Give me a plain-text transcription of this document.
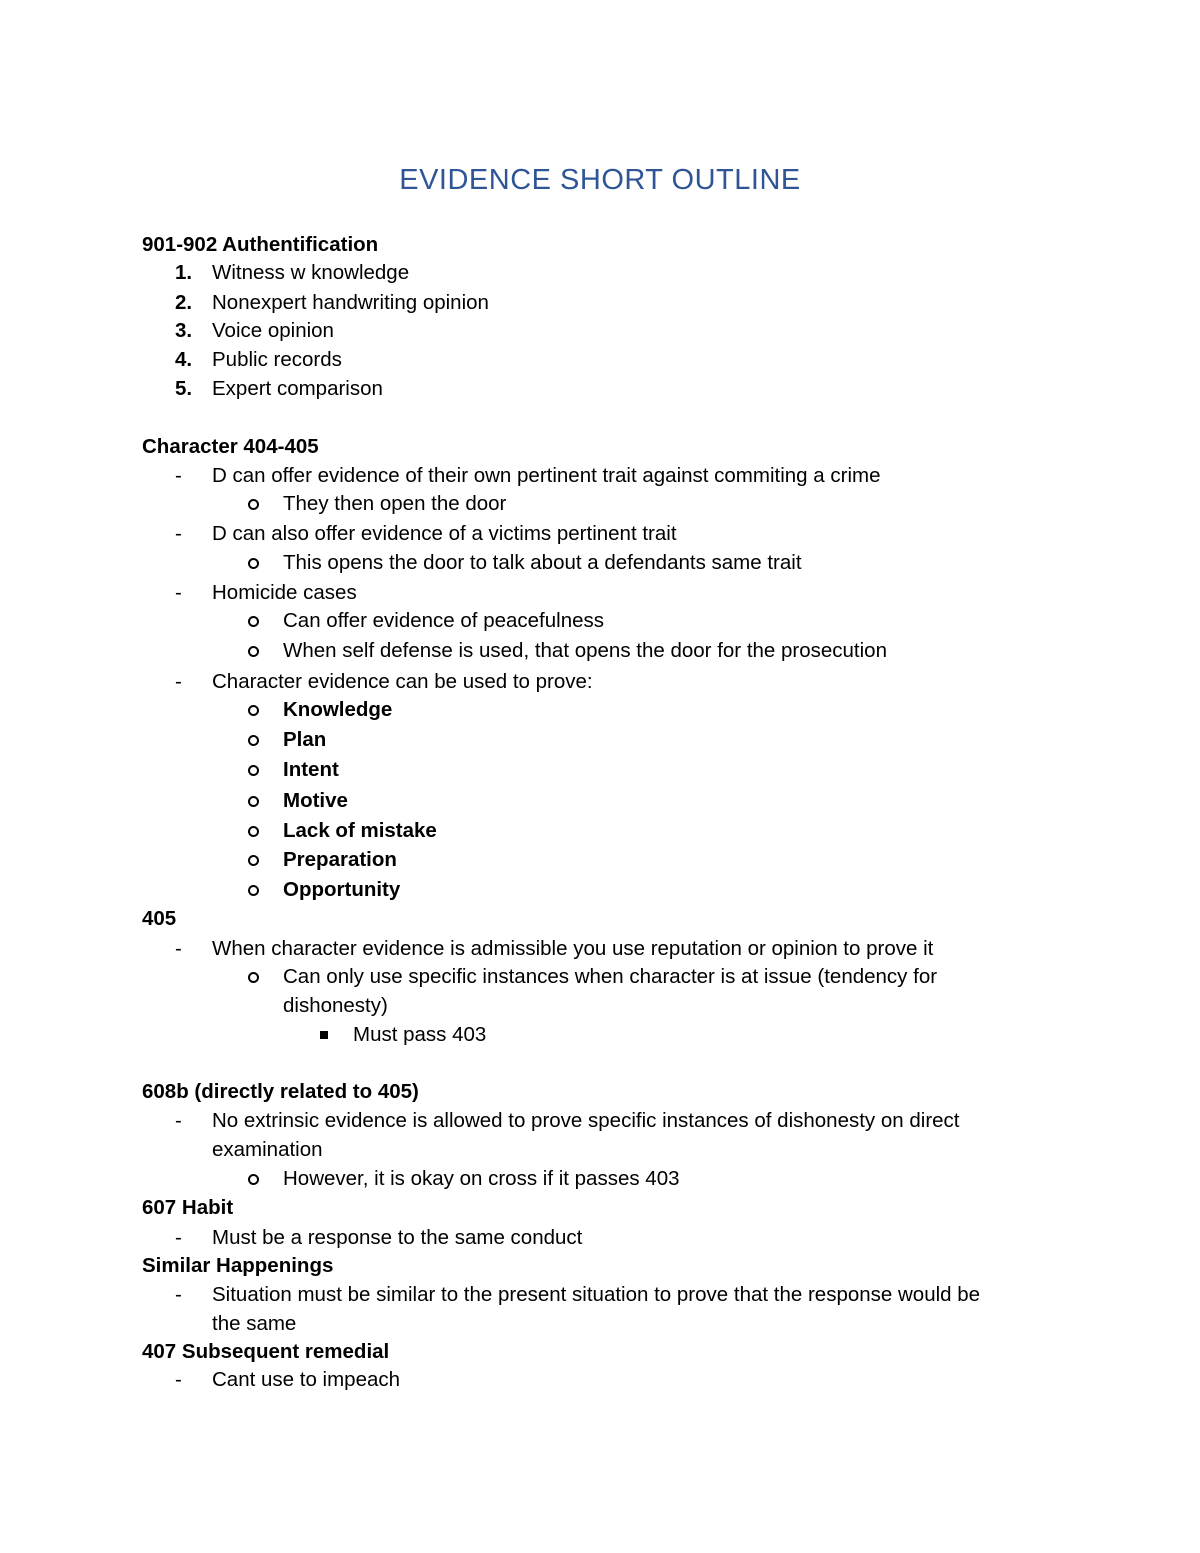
EVIDENCE SHORT OUTLINE
901-902 Authentification
1. Witness w knowledge
2. Nonexpert handwriting opinion
3. Voice opinion
4. Public records
5. Expert comparison
Character 404-405
- D can offer evidence of their own pertinent trait against commiting a crime
They then open the door
- D can also offer evidence of a victims pertinent trait
This opens the door to talk about a defendants same trait
- Homicide cases
Can offer evidence of peacefulness
When self defense is used, that opens the door for the prosecution
- Character evidence can be used to prove:
Knowledge
Plan
Intent
Motive
Lack of mistake
Preparation
Opportunity
405
- When character evidence is admissible you use reputation or opinion to prove it
Can only use specific instances when character is at issue (tendency for
dishonesty)
Must pass 403
608b (directly related to 405)
- No extrinsic evidence is allowed to prove specific instances of dishonesty on direct
examination
However, it is okay on cross if it passes 403
607 Habit
- Must be a response to the same conduct
Similar Happenings
- Situation must be similar to the present situation to prove that the response would be
the same
407 Subsequent remedial
- Cant use to impeach
